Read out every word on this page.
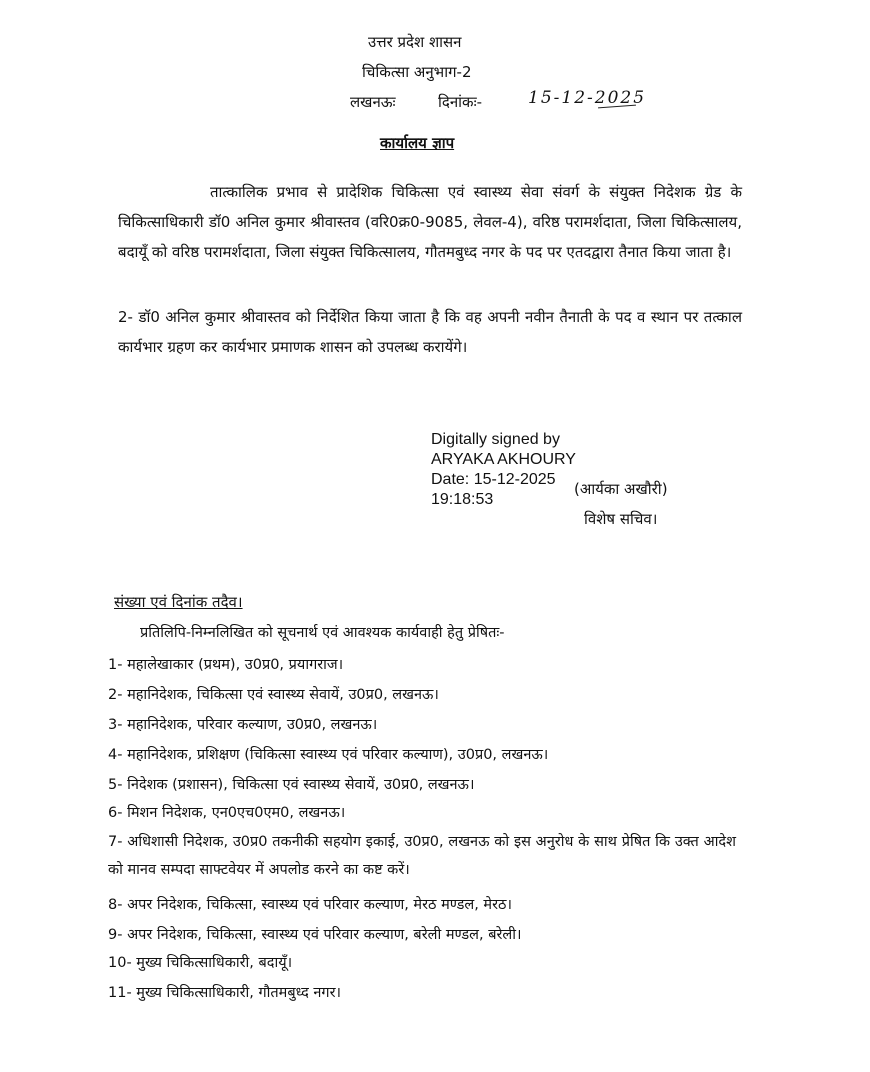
उत्तर प्रदेश शासन
चिकित्सा अनुभाग-2
लखनऊः	दिनांकः-	15-12-2025
कार्यालय ज्ञाप
तात्कालिक प्रभाव से प्रादेशिक चिकित्सा एवं स्वास्थ्य सेवा संवर्ग के संयुक्त निदेशक ग्रेड के चिकित्साधिकारी डॉ0 अनिल कुमार श्रीवास्तव (वरि0क्र0-9085, लेवल-4), वरिष्ठ परामर्शदाता, जिला चिकित्सालय, बदायूँ को वरिष्ठ परामर्शदाता, जिला संयुक्त चिकित्सालय, गौतमबुध्द नगर के पद पर एतदद्वारा तैनात किया जाता है।
2- डॉ0 अनिल कुमार श्रीवास्तव को निर्देशित किया जाता है कि वह अपनी नवीन तैनाती के पद व स्थान पर तत्काल कार्यभार ग्रहण कर कार्यभार प्रमाणक शासन को उपलब्ध करायेंगे।
Digitally signed by
ARYAKA AKHOURY
Date: 15-12-2025
19:18:53
(आर्यका अखौरी)
विशेष सचिव।
संख्या एवं दिनांक तदैव।
प्रतिलिपि-निम्नलिखित को सूचनार्थ एवं आवश्यक कार्यवाही हेतु प्रेषितः-
1- महालेखाकार (प्रथम), उ0प्र0, प्रयागराज।
2- महानिदेशक, चिकित्सा एवं स्वास्थ्य सेवायें, उ0प्र0, लखनऊ।
3- महानिदेशक, परिवार कल्याण, उ0प्र0, लखनऊ।
4- महानिदेशक, प्रशिक्षण (चिकित्सा स्वास्थ्य एवं परिवार कल्याण), उ0प्र0, लखनऊ।
5- निदेशक (प्रशासन), चिकित्सा एवं स्वास्थ्य सेवायें, उ0प्र0, लखनऊ।
6- मिशन निदेशक, एन0एच0एम0, लखनऊ।
7- अधिशासी निदेशक, उ0प्र0 तकनीकी सहयोग इकाई, उ0प्र0, लखनऊ को इस अनुरोध के साथ प्रेषित कि उक्त आदेश को मानव सम्पदा साफ्टवेयर में अपलोड करने का कष्ट करें।
8- अपर निदेशक, चिकित्सा, स्वास्थ्य एवं परिवार कल्याण, मेरठ मण्डल, मेरठ।
9- अपर निदेशक, चिकित्सा, स्वास्थ्य एवं परिवार कल्याण, बरेली मण्डल, बरेली।
10- मुख्य चिकित्साधिकारी, बदायूँ।
11- मुख्य चिकित्साधिकारी, गौतमबुध्द नगर।
